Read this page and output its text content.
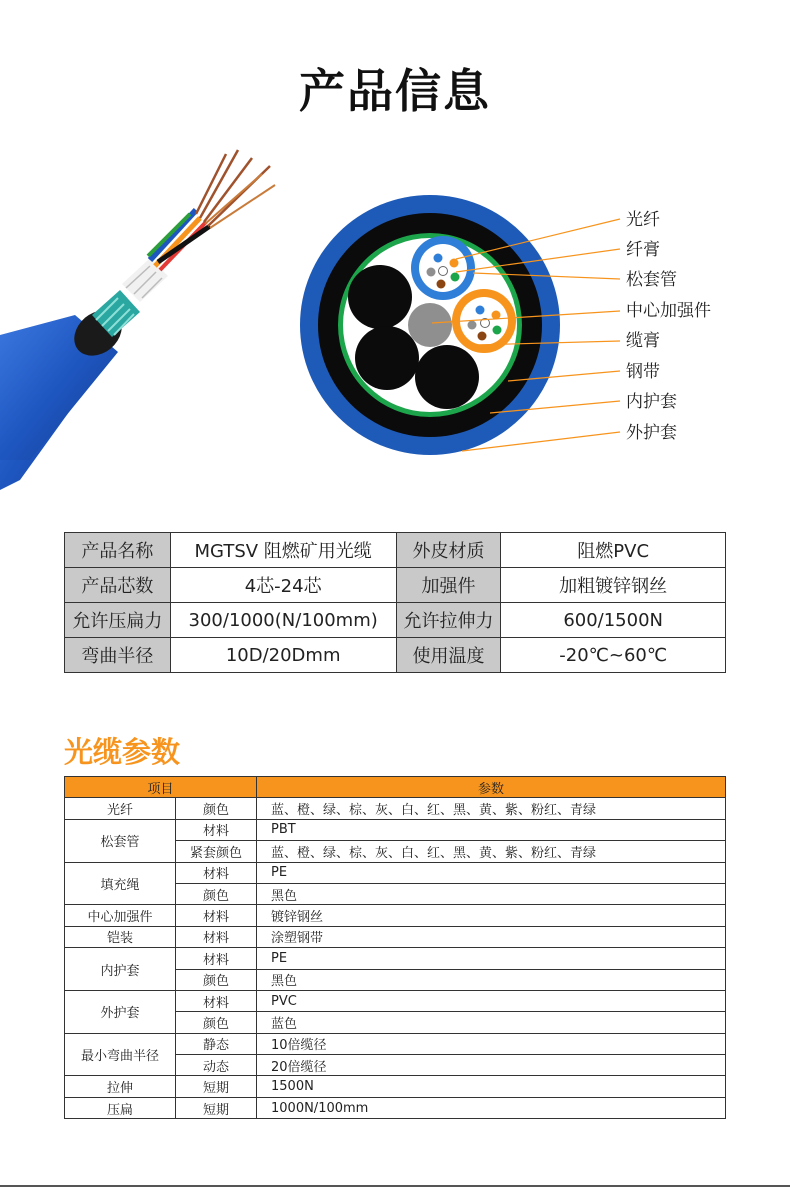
产品信息
光纤
纤膏
松套管
中心加强件
缆膏
钢带
内护套
外护套
产品名称	MGTSV 阻燃矿用光缆	外皮材质	阻燃PVC
产品芯数	4芯-24芯	加强件	加粗镀锌钢丝
允许压扁力	300/1000(N/100mm)	允许拉伸力	600/1500N
弯曲半径	10D/20Dmm	使用温度	-20℃~60℃
光缆参数
项目		参数
光纤	颜色	蓝、橙、绿、棕、灰、白、红、黑、黄、紫、粉红、青绿
松套管	材料	PBT
	紧套颜色	蓝、橙、绿、棕、灰、白、红、黑、黄、紫、粉红、青绿
填充绳	材料	PE
	颜色	黑色
中心加强件	材料	镀锌钢丝
铠装	材料	涂塑钢带
内护套	材料	PE
	颜色	黑色
外护套	材料	PVC
	颜色	蓝色
最小弯曲半径	静态	10倍缆径
	动态	20倍缆径
拉伸	短期	1500N
压扁	短期	1000N/100mm
